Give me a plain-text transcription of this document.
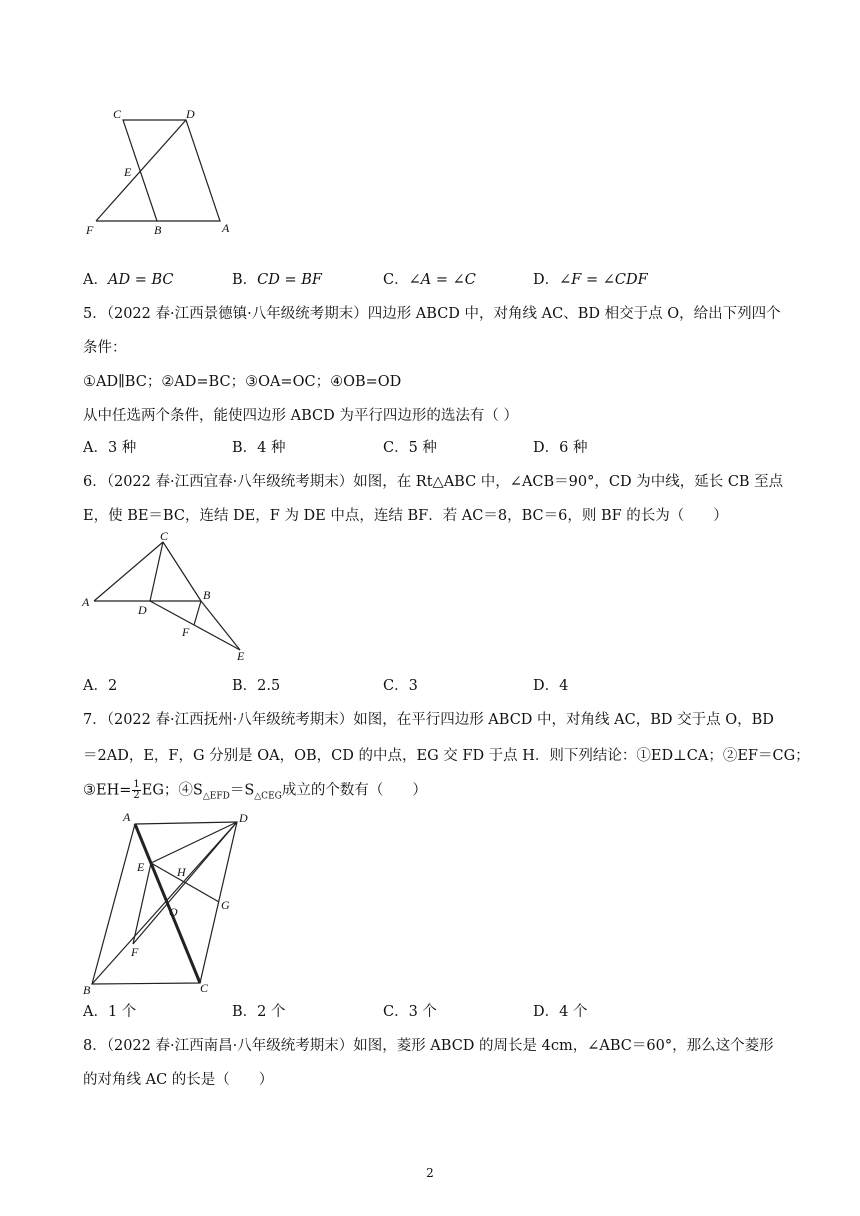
C	D
E
F	B	A
A．AD = BC	B．CD = BF	C．∠A = ∠C	D．∠F = ∠CDF
5．（2022 春·江西景德镇·八年级统考期末）四边形 ABCD 中，对角线 AC、BD 相交于点 O，给出下列四个
条件：
①AD∥BC；②AD=BC；③OA=OC；④OB=OD
从中任选两个条件，能使四边形 ABCD 为平行四边形的选法有（ ）
A．3 种	B．4 种	C．5 种	D．6 种
6．（2022 春·江西宜春·八年级统考期末）如图，在 Rt△ABC 中，∠ACB＝90°，CD 为中线，延长 CB 至点
E，使 BE＝BC，连结 DE，F 为 DE 中点，连结 BF．若 AC＝8，BC＝6，则 BF 的长为（　　）
C
A
D
B
F
E
A．2	B．2.5	C．3	D．4
7．（2022 春·江西抚州·八年级统考期末）如图，在平行四边形 ABCD 中，对角线 AC，BD 交于点 O，BD
＝2AD，E，F，G 分别是 OA，OB，CD 的中点，EG 交 FD 于点 H．则下列结论：①ED⊥CA；②EF＝CG；
③EH= $\frac{1}{2}$ EG；$④S_{\triangle EFD}=S_{\triangle CEG}$成立的个数有（　　）
A	D
E	H
O	G
F
B	C
A．1 个	B．2 个	C．3 个	D．4 个
8．（2022 春·江西南昌·八年级统考期末）如图，菱形 ABCD 的周长是 4cm，∠ABC＝60°，那么这个菱形
的对角线 AC 的长是（　　）
2
